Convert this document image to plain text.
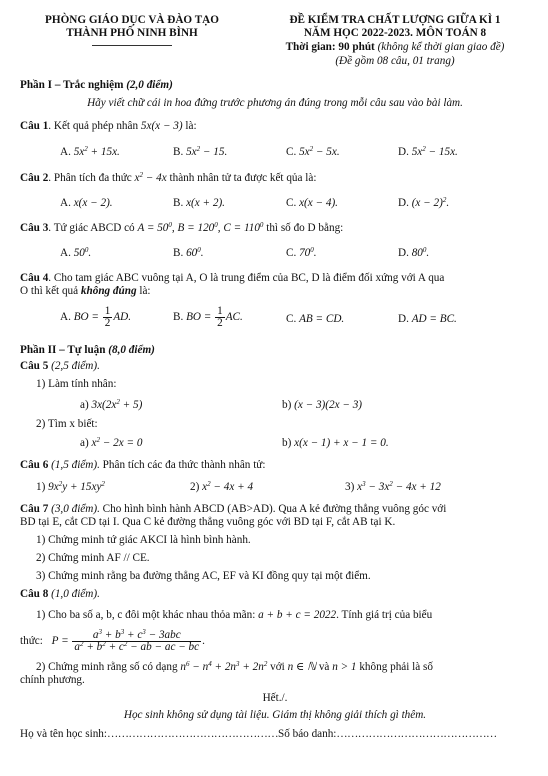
PHÒNG GIÁO DỤC VÀ ĐÀO TẠO
THÀNH PHỐ NINH BÌNH
ĐỀ KIỂM TRA CHẤT LƯỢNG GIỮA KÌ 1
NĂM HỌC 2022-2023. MÔN TOÁN 8
Thời gian: 90 phút (không kể thời gian giao đề)
(Đề gồm 08 câu, 01 trang)
Phần I – Trắc nghiệm (2,0 điểm)
Hãy viết chữ cái in hoa đứng trước phương án đúng trong mỗi câu sau vào bài làm.
Câu 1. Kết quả phép nhân 5x(x − 3) là:
A. $5x^2 + 15x$.	B. $5x^2 - 15$.	C. $5x^2 - 5x$.	D. $5x^2 - 15x$.
Câu 2. Phân tích đa thức $x^2 - 4x$ thành nhân tử ta được kết qủa là:
A. x(x − 2).	B. x(x + 2).	C. x(x − 4).	D. $(x - 2)^2$.
Câu 3. Tứ giác ABCD có $A = 50^0$, $B = 120^0$, $C = 110^0$ thì số đo D bằng:
A. $50^0$.	B. $60^0$.	C. $70^0$.	D. $80^0$.
Câu 4. Cho tam giác ABC vuông tại A, O là trung điểm của BC, D là điểm đối xứng với A qua
O thì kết quả không đúng là:
A. BO = $\frac{1}{2}$ AD.	B. BO = $\frac{1}{2}$ AC.	C. AB = CD.	D. AD = BC.
Phần II – Tự luận (8,0 điểm)
Câu 5 (2,5 điểm).
1) Làm tính nhân:
a) $3x(2x^2 + 5)$	b) (x − 3)(2x − 3)
2) Tìm x biết:
a) $x^2 - 2x = 0$	b) x(x − 1) + x − 1 = 0.
Câu 6 (1,5 điểm). Phân tích các đa thức thành nhân tử:
1) $9x^2y + 15xy^2$	2) $x^2 - 4x + 4$	3) $x^3 - 3x^2 - 4x + 12$
Câu 7 (3,0 điểm). Cho hình bình hành ABCD (AB>AD). Qua A kẻ đường thẳng vuông góc với
BD tại E, cắt CD tại I. Qua C kẻ đường thẳng vuông góc với BD tại F, cắt AB tại K.
1) Chứng minh tứ giác AKCI là hình bình hành.
2) Chứng minh AF // CE.
3) Chứng minh rằng ba đường thẳng AC, EF và KI đồng quy tại một điểm.
Câu 8 (1,0 điểm).
1) Cho ba số a, b, c đôi một khác nhau thỏa mãn: a + b + c = 2022. Tính giá trị của biểu
thức: $P = \frac{a^3 + b^3 + c^3 - 3abc}{a^2 + b^2 + c^2 - ab - ac - bc}$ .
2) Chứng minh rằng số có dạng $n^6 - n^4 + 2n^3 + 2n^2$ với n ∈ ℕ và n > 1 không phải là số
chính phương.
Hết./.
Học sinh không sử dụng tài liệu. Giám thị không giải thích gì thêm.
Họ và tên học sinh:…………………………………………Số báo danh:………………………………………
